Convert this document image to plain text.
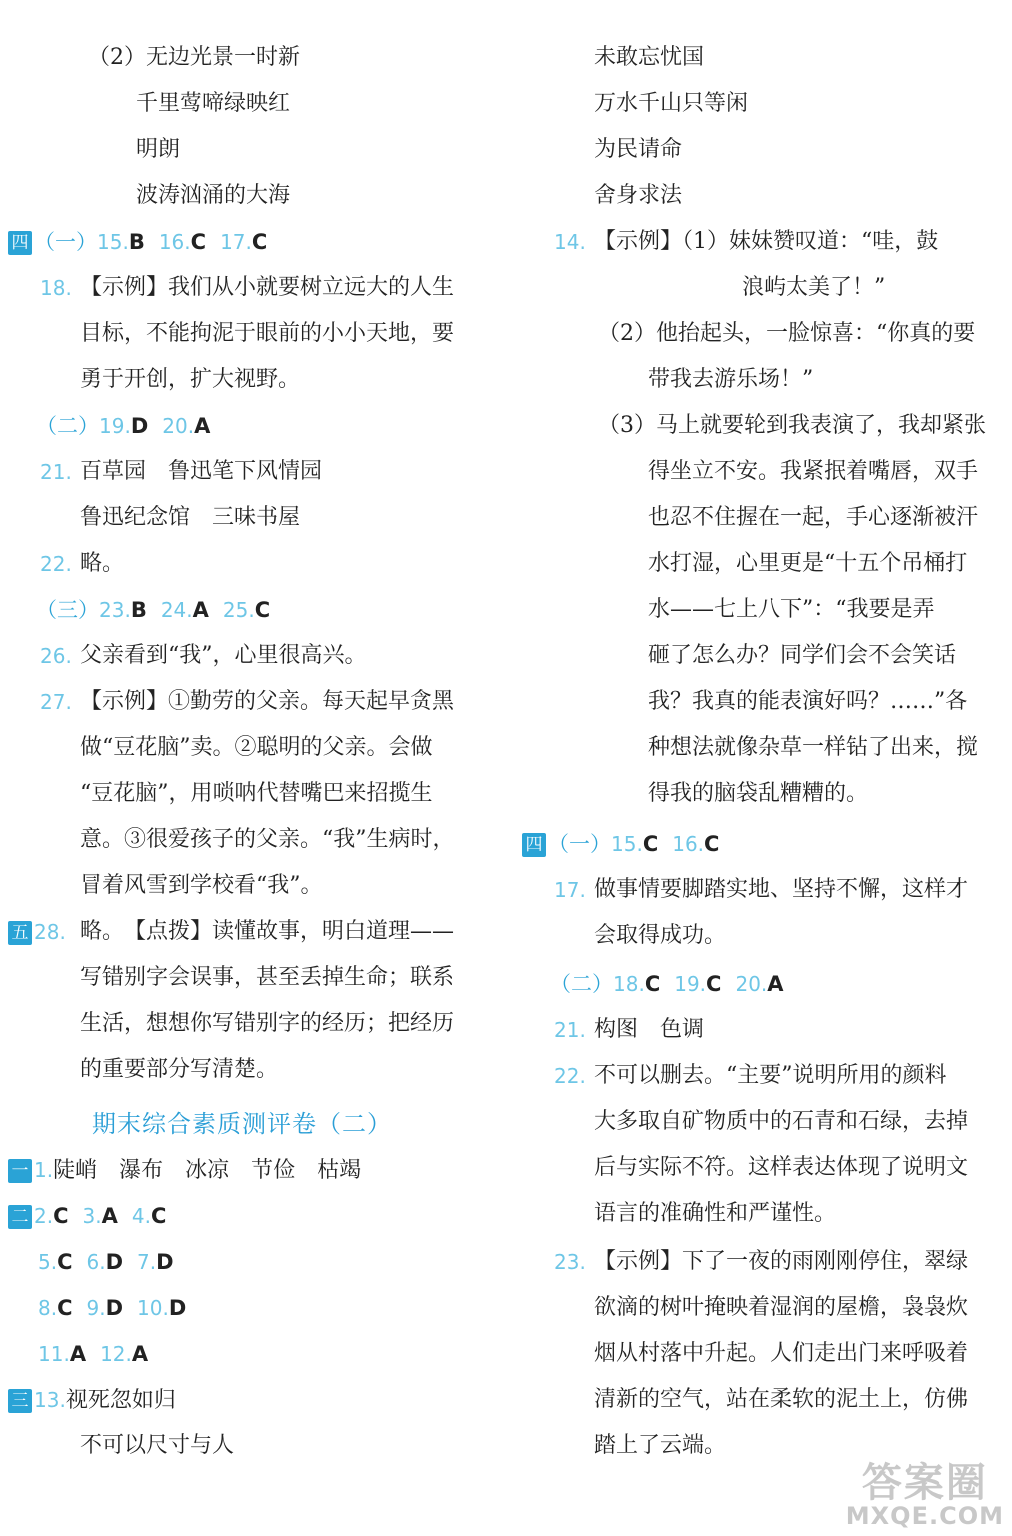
（2）无边光景一时新
千里莺啼绿映红
明朗
波涛汹涌的大海
四 （一）15.B 16.C 17.C
18. 【示例】我们从小就要树立远大的人生
目标，不能拘泥于眼前的小小天地，要
勇于开创，扩大视野。
（二）19.D 20.A
21. 百草园　鲁迅笔下风情园
鲁迅纪念馆　三味书屋
22. 略。
（三）23.B 24.A 25.C
26. 父亲看到“我”，心里很高兴。
27. 【示例】①勤劳的父亲。每天起早贪黑
做“豆花脑”卖。②聪明的父亲。会做
“豆花脑”，用唢呐代替嘴巴来招揽生
意。③很爱孩子的父亲。“我”生病时，
冒着风雪到学校看“我”。
五 28. 略。　【点拨】读懂故事，明白道理——
写错别字会误事，甚至丢掉生命；联系
生活，想想你写错别字的经历；把经历
的重要部分写清楚。
期末综合素质测评卷（二）
一 1.陡峭　瀑布　冰凉　节俭　枯竭
二 2.C 3.A 4.C
5.C 6.D 7.D
8.C 9.D 10.D
11.A 12.A
三 13.视死忽如归
不可以尺寸与人
未敢忘忧国
万水千山只等闲
为民请命
舍身求法
14. 【示例】（1）妹妹赞叹道：“哇，鼓
浪屿太美了！”
（2）他抬起头，一脸惊喜：“你真的要
带我去游乐场！”
（3）马上就要轮到我表演了，我却紧张
得坐立不安。我紧抿着嘴唇，双手
也忍不住握在一起，手心逐渐被汗
水打湿，心里更是“十五个吊桶打
水——七上八下”：“我要是弄
砸了怎么办？同学们会不会笑话
我？我真的能表演好吗？……”各
种想法就像杂草一样钻了出来，搅
得我的脑袋乱糟糟的。
四 （一）15.C 16.C
17. 做事情要脚踏实地、坚持不懈，这样才
会取得成功。
（二）18.C 19.C 20.A
21. 构图　色调
22. 不可以删去。“主要”说明所用的颜料
大多取自矿物质中的石青和石绿，去掉
后与实际不符。这样表达体现了说明文
语言的准确性和严谨性。
23. 【示例】下了一夜的雨刚刚停住，翠绿
欲滴的树叶掩映着湿润的屋檐，袅袅炊
烟从村落中升起。人们走出门来呼吸着
清新的空气，站在柔软的泥土上，仿佛
踏上了云端。
答案圈
MXQE.COM
